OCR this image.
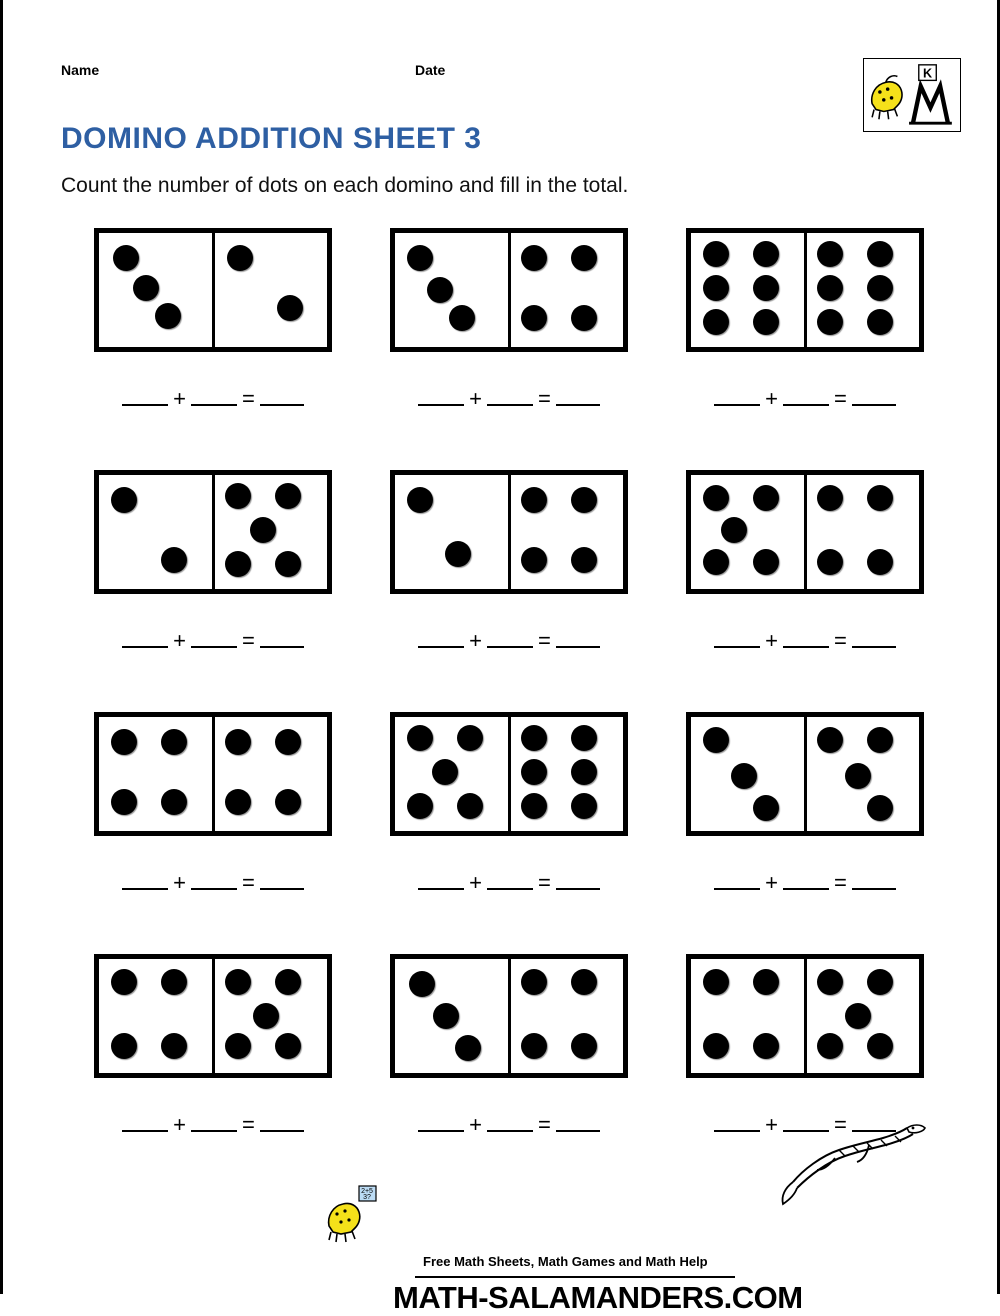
Name	Date	K
DOMINO ADDITION SHEET 3
Count the number of dots on each domino and fill in the total.
+	=	+	=	+	=
+	=	+	=	+	=
+	=	+	=	+	=
+	=	+	=	+	=
2+5
3?
Free Math Sheets, Math Games and Math Help
MATH-SALAMANDERS.COM
